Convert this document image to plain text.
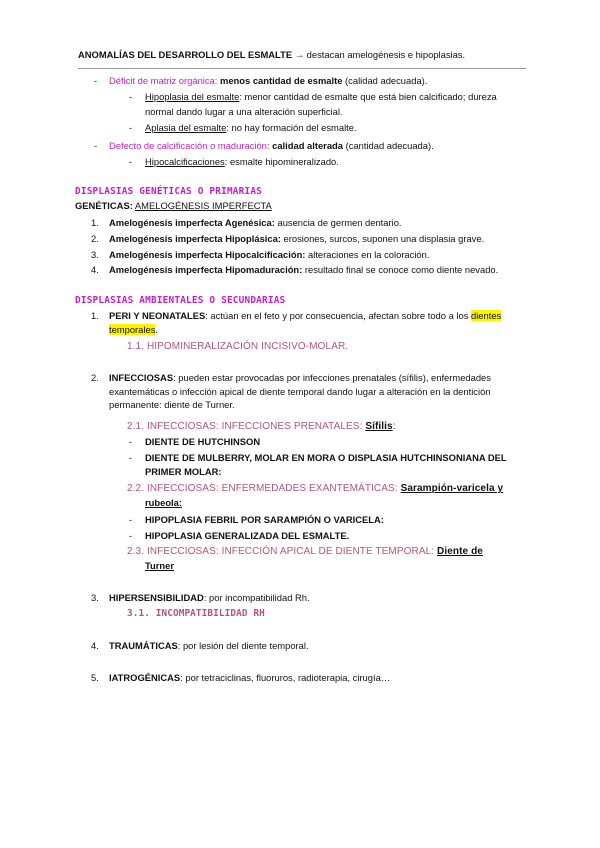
ANOMALÍAS DEL DESARROLLO DEL ESMALTE → destacan amelogénesis e hipoplasias.
- Déficit de matriz orgánica: menos cantidad de esmalte (calidad adecuada).
- Hipoplasia del esmalte: menor cantidad de esmalte que está bien calcificado; dureza
normal dando lugar a una alteración superficial.
- Aplasia del esmalte: no hay formación del esmalte.
- Defecto de calcificación o maduración: calidad alterada (cantidad adecuada).
- Hipocalcificaciones: esmalte hipomineralizado.
DISPLASIAS GENÉTICAS O PRIMARIAS
GENÉTICAS: AMELOGÉNESIS IMPERFECTA
1. Amelogénesis imperfecta Agenésica: ausencia de germen dentario.
2. Amelogénesis imperfecta Hipoplásica: erosiones, surcos, suponen una displasia grave.
3. Amelogénesis imperfecta Hipocalcificación: alteraciones en la coloración.
4. Amelogénesis imperfecta Hipomaduración: resultado final se conoce como diente nevado.
DISPLASIAS AMBIENTALES O SECUNDARIAS
1. PERI Y NEONATALES: actúan en el feto y por consecuencia, afectan sobre todo a los dientes
temporales.
1.1. HIPOMINERALIZACIÓN INCISIVO-MOLAR.
2. INFECCIOSAS: pueden estar provocadas por infecciones prenatales (sífilis), enfermedades
exantemáticas o infección apical de diente temporal dando lugar a alteración en la dentición
permanente: diente de Turner.
2.1. INFECCIOSAS: INFECCIONES PRENATALES: Sífilis:
- DIENTE DE HUTCHINSON
- DIENTE DE MULBERRY, MOLAR EN MORA O DISPLASIA HUTCHINSONIANA DEL
PRIMER MOLAR:
2.2. INFECCIOSAS: ENFERMEDADES EXANTEMÁTICAS: Sarampión-varicela y
rubeola:
- HIPOPLASIA FEBRIL POR SARAMPIÓN O VARICELA:
- HIPOPLASIA GENERALIZADA DEL ESMALTE.
2.3. INFECCIOSAS: INFECCIÓN APICAL DE DIENTE TEMPORAL: Diente de
Turner
3. HIPERSENSIBILIDAD: por incompatibilidad Rh.
3.1. INCOMPATIBILIDAD RH
4. TRAUMÁTICAS: por lesión del diente temporal.
5. IATROGÉNICAS: por tetraciclinas, fluoruros, radioterapia, cirugía…
